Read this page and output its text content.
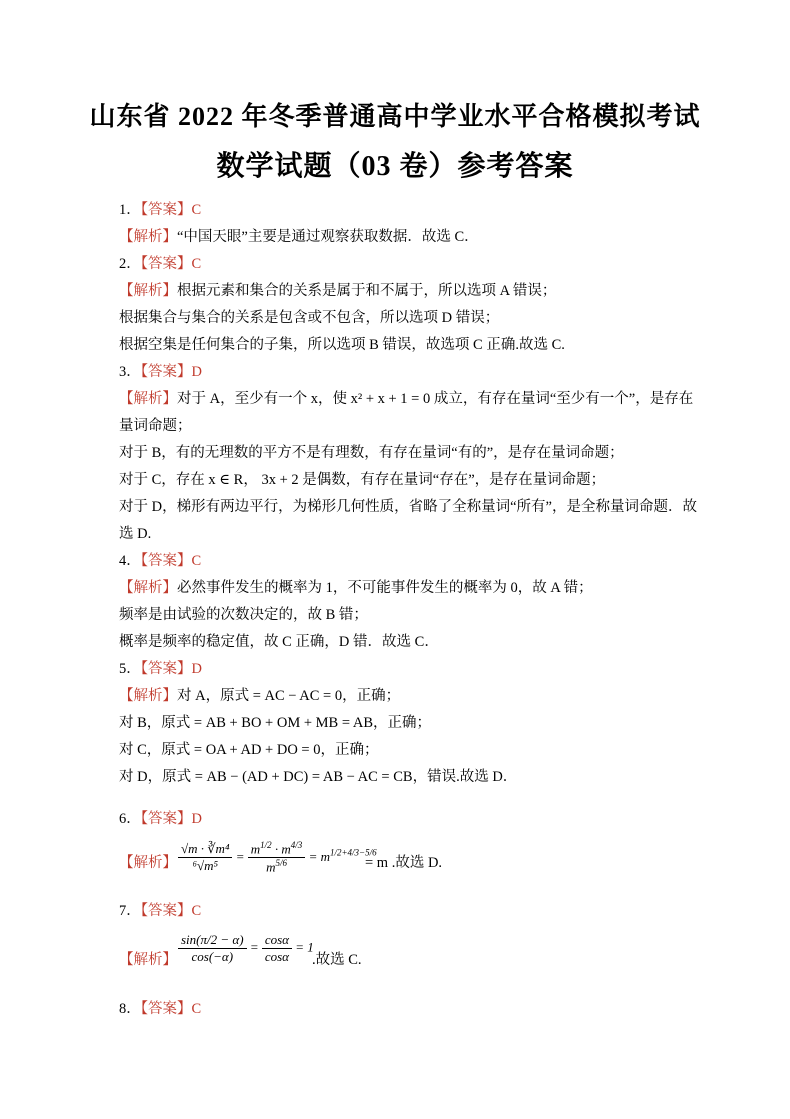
山东省 2022 年冬季普通高中学业水平合格模拟考试
数学试题（03 卷）参考答案
1．【答案】C
【解析】“中国天眼”主要是通过观察获取数据．故选 C．
2．【答案】C
【解析】根据元素和集合的关系是属于和不属于，所以选项 A 错误；
根据集合与集合的关系是包含或不包含，所以选项 D 错误；
根据空集是任何集合的子集，所以选项 B 错误，故选项 C 正确.故选 C.
3．【答案】D
【解析】对于 A，至少有一个 x，使 x² + x + 1 = 0 成立，有存在量词“至少有一个”，是存在
量词命题；
对于 B，有的无理数的平方不是有理数，有存在量词“有的”，是存在量词命题；
对于 C，存在 x ∈ R， 3x + 2 是偶数，有存在量词“存在”，是存在量词命题；
对于 D，梯形有两边平行，为梯形几何性质，省略了全称量词“所有”，是全称量词命题．故
选 D.
4．【答案】C
【解析】必然事件发生的概率为 1，不可能事件发生的概率为 0，故 A 错；
频率是由试验的次数决定的，故 B 错；
概率是频率的稳定值，故 C 正确，D 错．故选 C．
5．【答案】D
【解析】对 A，原式 = AC − AC = 0，正确；
对 B，原式 = AB + BO + OM + MB = AB，正确；
对 C，原式 = OA + AD + DO = 0，正确；
对 D，原式 = AB − (AD + DC) = AB − AC = CB，错误.故选 D．
6．【答案】D
【解析】 $\frac{\text{√m · ∛m⁴}}{\text{⁶√m⁵}} = \frac{m^{1/2} \cdot m^{4/3}}{m^{5/6}} = m^{1/2+4/3-5/6}$
= m .故选 D.
7．【答案】C
【解析】 $\frac{\sin(\pi/2 - \alpha)}{\cos(-\alpha)} = \frac{\cos\alpha}{\cos\alpha} = 1$
.故选 C.
8．【答案】C
